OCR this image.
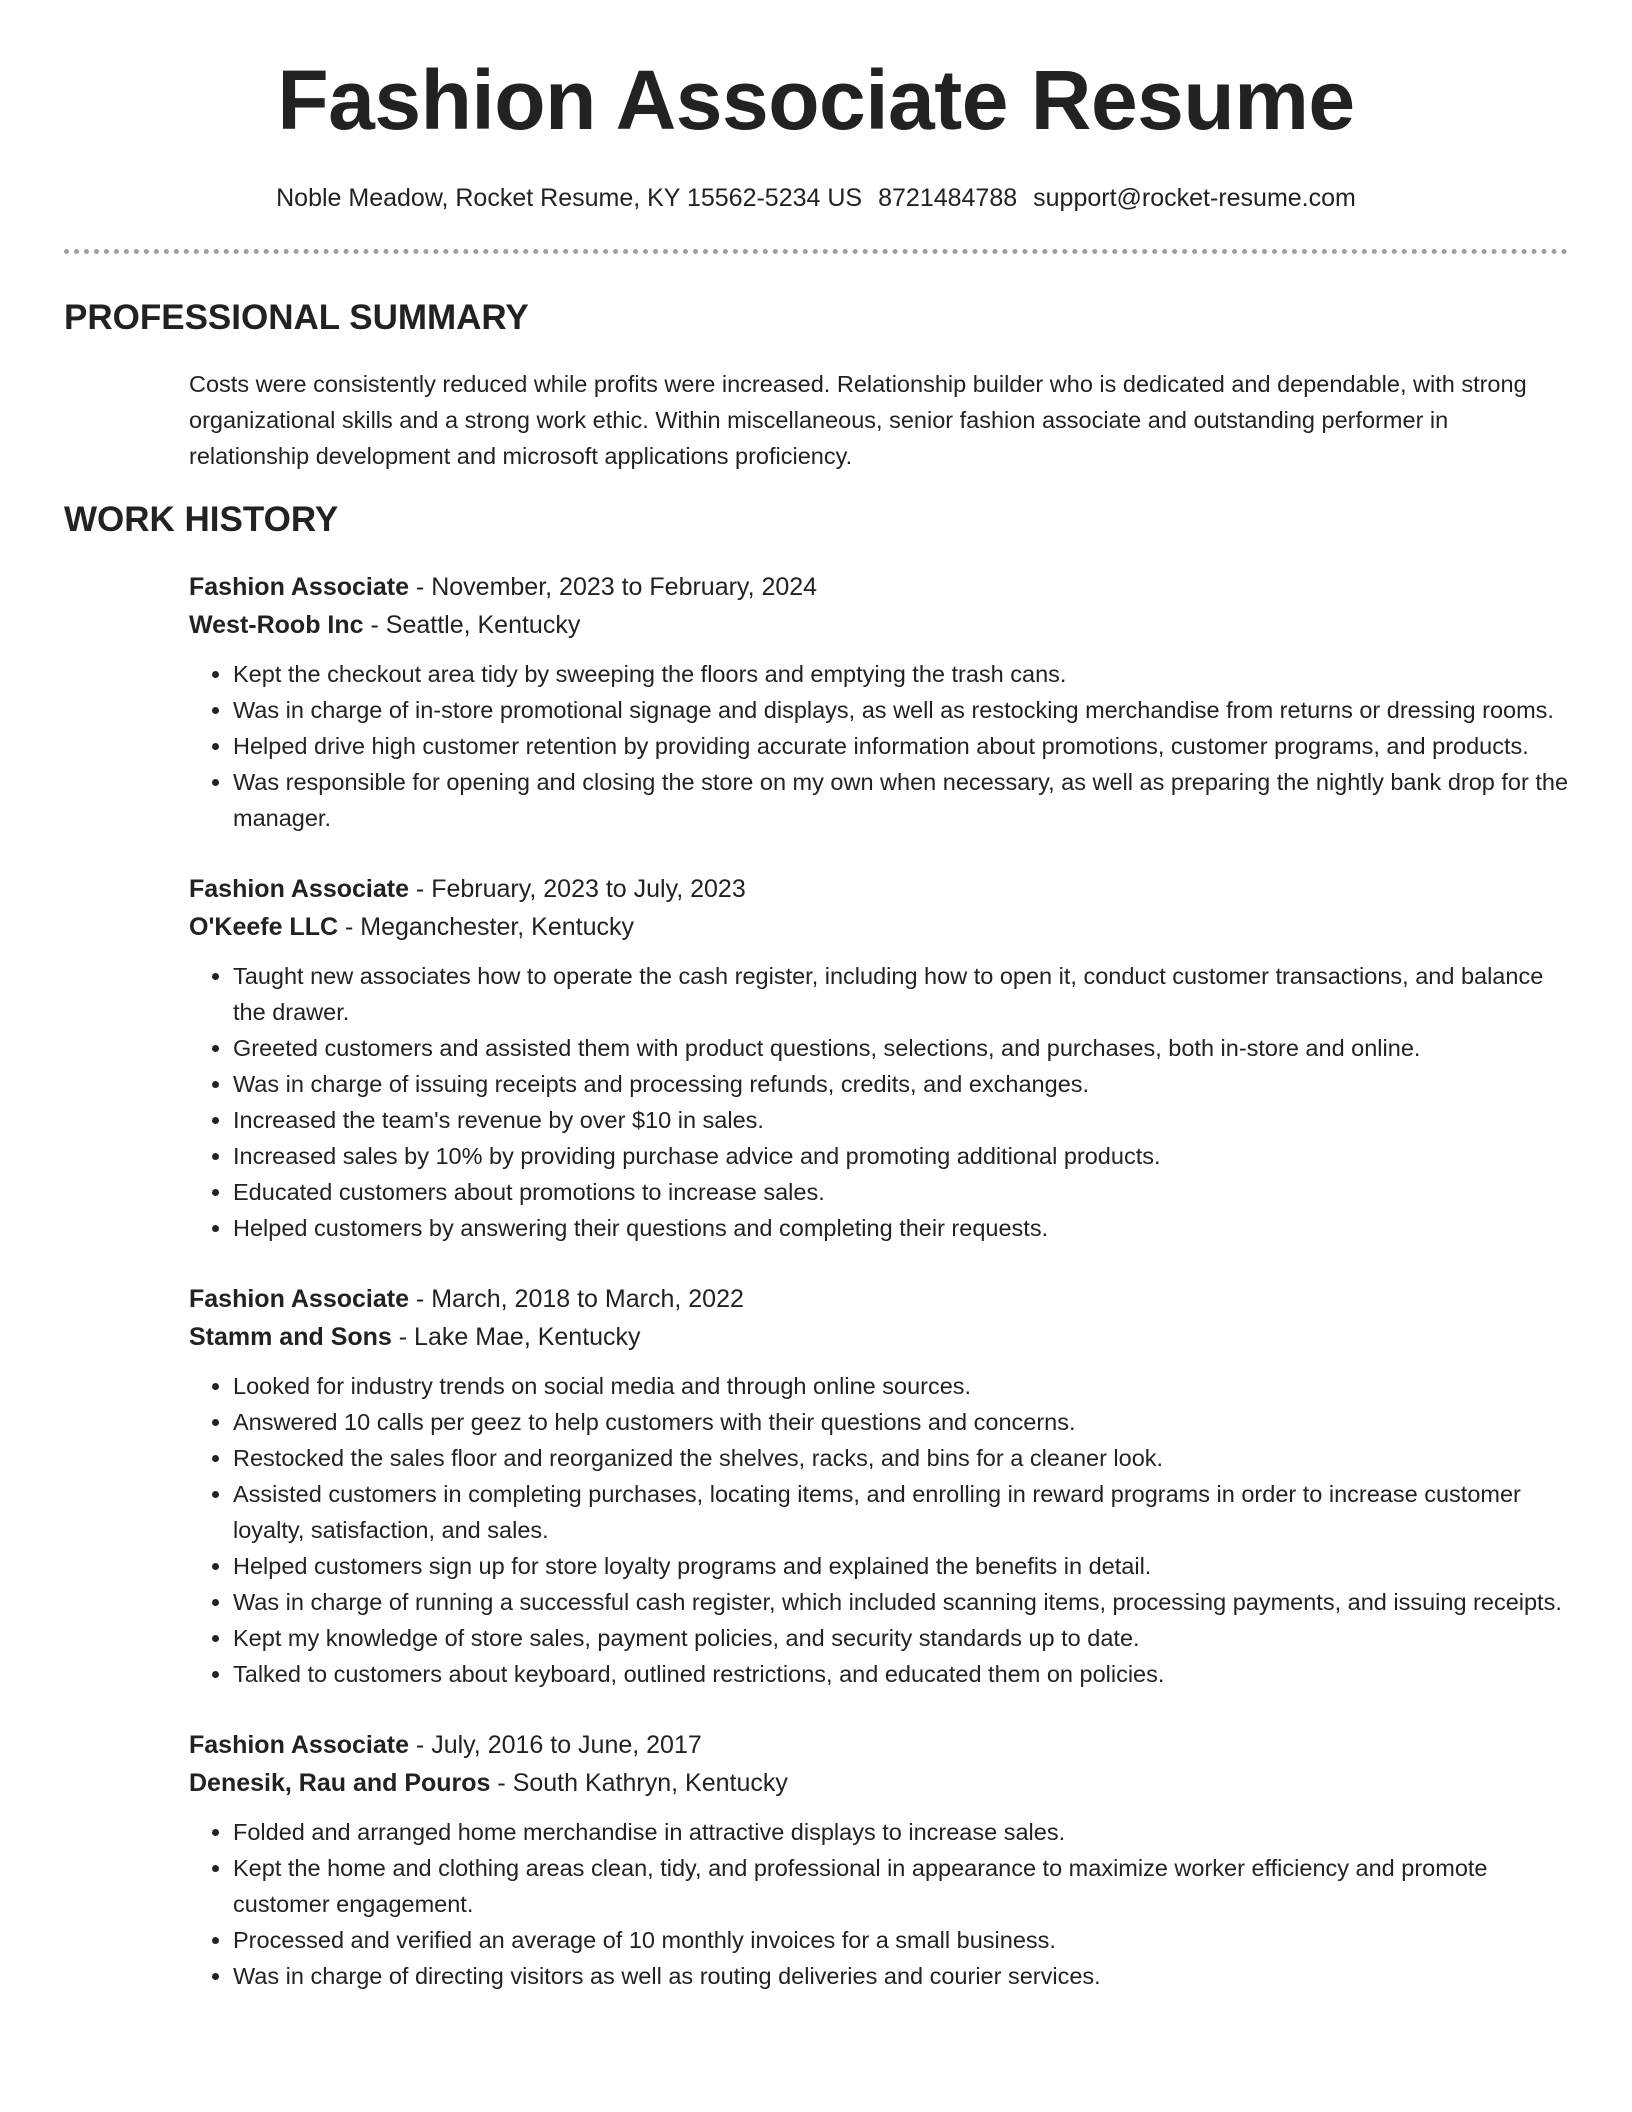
Fashion Associate Resume
Noble Meadow, Rocket Resume, KY 15562-5234 US 8721484788 support@rocket-resume.com
PROFESSIONAL SUMMARY

Costs were consistently reduced while profits were increased. Relationship builder who is dedicated and dependable, with strong organizational skills and a strong work ethic. Within miscellaneous, senior fashion associate and outstanding performer in relationship development and microsoft applications proficiency.

WORK HISTORY

Fashion Associate - November, 2023 to February, 2024

West-Roob Inc - Seattle, Kentucky

• Kept the checkout area tidy by sweeping the floors and emptying the trash cans.
• Was in charge of in-store promotional signage and displays, as well as restocking merchandise from returns or dressing rooms.
• Helped drive high customer retention by providing accurate information about promotions, customer programs, and products.
• Was responsible for opening and closing the store on my own when necessary, as well as preparing the nightly bank drop for the manager.

Fashion Associate - February, 2023 to July, 2023

O'Keefe LLC - Meganchester, Kentucky

• Taught new associates how to operate the cash register, including how to open it, conduct customer transactions, and balance the drawer.
• Greeted customers and assisted them with product questions, selections, and purchases, both in-store and online.
• Was in charge of issuing receipts and processing refunds, credits, and exchanges.
• Increased the team's revenue by over $10 in sales.
• Increased sales by 10% by providing purchase advice and promoting additional products.
• Educated customers about promotions to increase sales.
• Helped customers by answering their questions and completing their requests.

Fashion Associate - March, 2018 to March, 2022

Stamm and Sons - Lake Mae, Kentucky

• Looked for industry trends on social media and through online sources.
• Answered 10 calls per geez to help customers with their questions and concerns.
• Restocked the sales floor and reorganized the shelves, racks, and bins for a cleaner look.
• Assisted customers in completing purchases, locating items, and enrolling in reward programs in order to increase customer loyalty, satisfaction, and sales.
• Helped customers sign up for store loyalty programs and explained the benefits in detail.
• Was in charge of running a successful cash register, which included scanning items, processing payments, and issuing receipts.
• Kept my knowledge of store sales, payment policies, and security standards up to date.
• Talked to customers about keyboard, outlined restrictions, and educated them on policies.

Fashion Associate - July, 2016 to June, 2017

Denesik, Rau and Pouros - South Kathryn, Kentucky

• Folded and arranged home merchandise in attractive displays to increase sales.
• Kept the home and clothing areas clean, tidy, and professional in appearance to maximize worker efficiency and promote customer engagement.
• Processed and verified an average of 10 monthly invoices for a small business.
• Was in charge of directing visitors as well as routing deliveries and courier services.
